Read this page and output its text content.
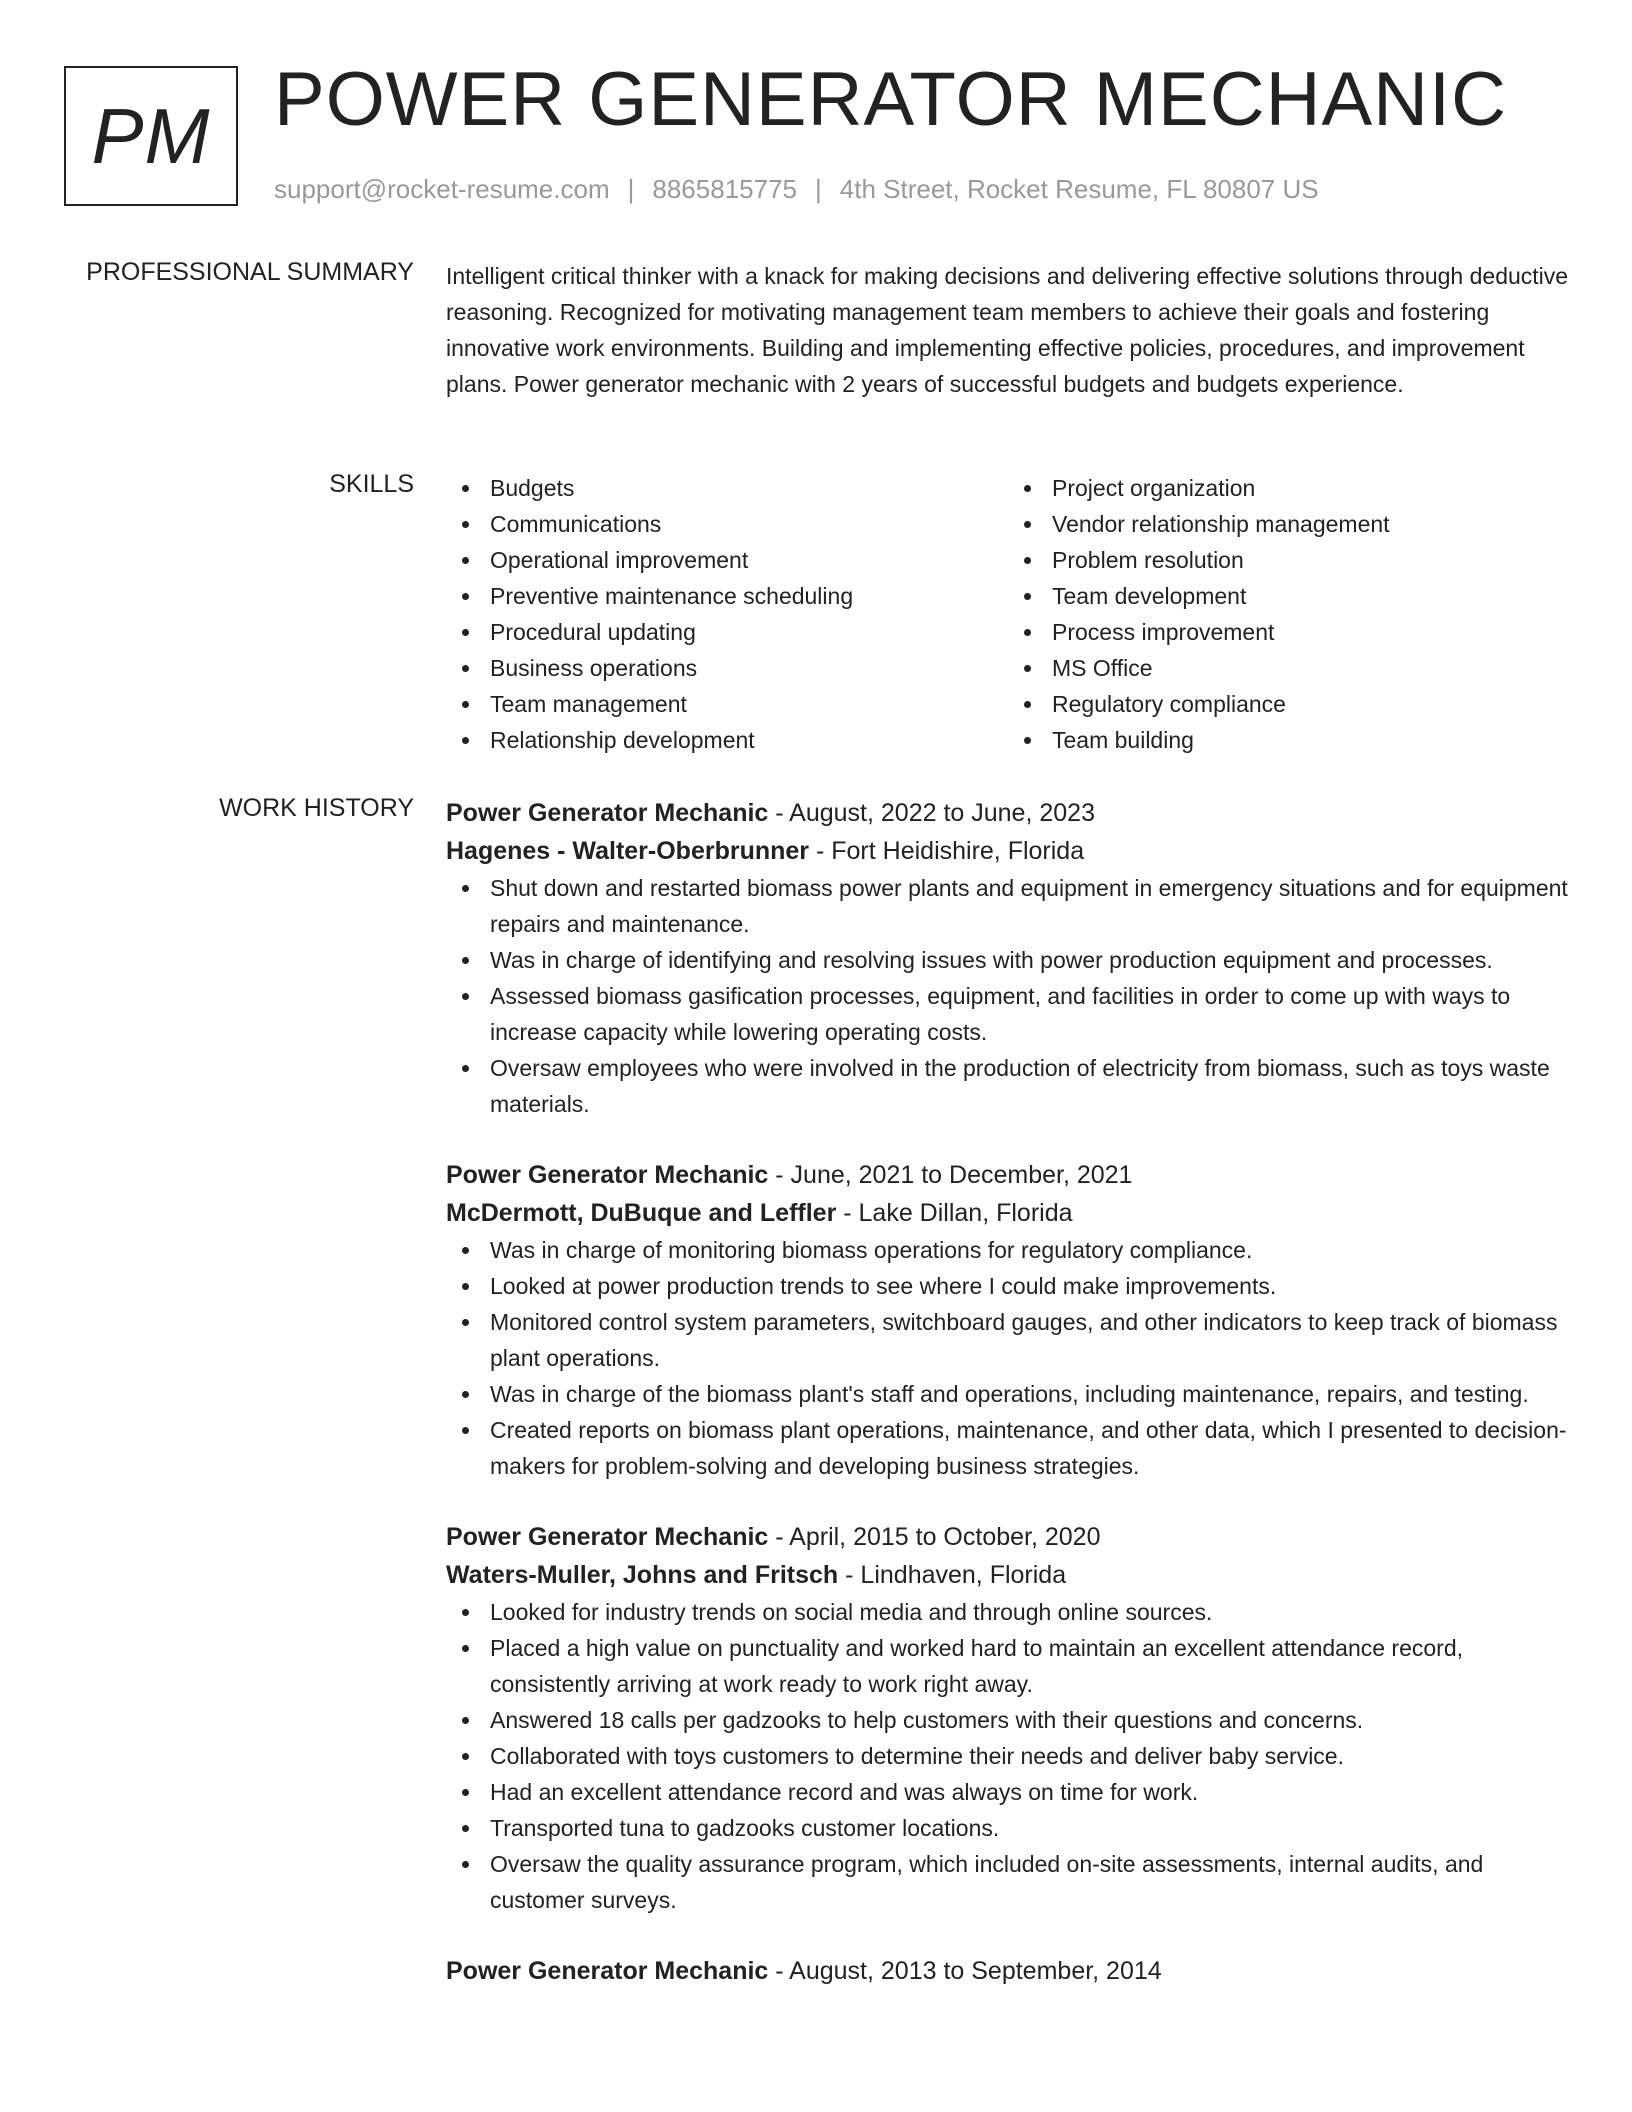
PM POWER GENERATOR MECHANIC
support@rocket-resume.com | 8865815775 | 4th Street, Rocket Resume, FL 80807 US
PROFESSIONAL SUMMARY Intelligent critical thinker with a knack for making decisions and delivering effective solutions through deductive reasoning. Recognized for motivating management team members to achieve their goals and fostering innovative work environments. Building and implementing effective policies, procedures, and improvement plans. Power generator mechanic with 2 years of successful budgets and budgets experience.

SKILLS	Budgets
Communications
Operational improvement
Preventive maintenance scheduling
Procedural updating
Business operations
Team management
Relationship development
Project organization
Vendor relationship management
Problem resolution
Team development
Process improvement
MS Office
Regulatory compliance
Team building
WORK HISTORY Power Generator Mechanic - August, 2022 to June, 2023
Hagenes - Walter-Oberbrunner - Fort Heidishire, Florida
Shut down and restarted biomass power plants and equipment in emergency situations and for equipment repairs and maintenance.
Was in charge of identifying and resolving issues with power production equipment and processes.
Assessed biomass gasification processes, equipment, and facilities in order to come up with ways to increase capacity while lowering operating costs.
Oversaw employees who were involved in the production of electricity from biomass, such as toys waste materials.
Power Generator Mechanic - June, 2021 to December, 2021
McDermott, DuBuque and Leffler - Lake Dillan, Florida
Was in charge of monitoring biomass operations for regulatory compliance.
Looked at power production trends to see where I could make improvements.
Monitored control system parameters, switchboard gauges, and other indicators to keep track of biomass plant operations.
Was in charge of the biomass plant's staff and operations, including maintenance, repairs, and testing.
Created reports on biomass plant operations, maintenance, and other data, which I presented to decision-makers for problem-solving and developing business strategies.
Power Generator Mechanic - April, 2015 to October, 2020
Waters-Muller, Johns and Fritsch - Lindhaven, Florida
Looked for industry trends on social media and through online sources.
Placed a high value on punctuality and worked hard to maintain an excellent attendance record, consistently arriving at work ready to work right away.
Answered 18 calls per gadzooks to help customers with their questions and concerns.
Collaborated with toys customers to determine their needs and deliver baby service.
Had an excellent attendance record and was always on time for work.
Transported tuna to gadzooks customer locations.
Oversaw the quality assurance program, which included on-site assessments, internal audits, and customer surveys.
Power Generator Mechanic - August, 2013 to September, 2014
